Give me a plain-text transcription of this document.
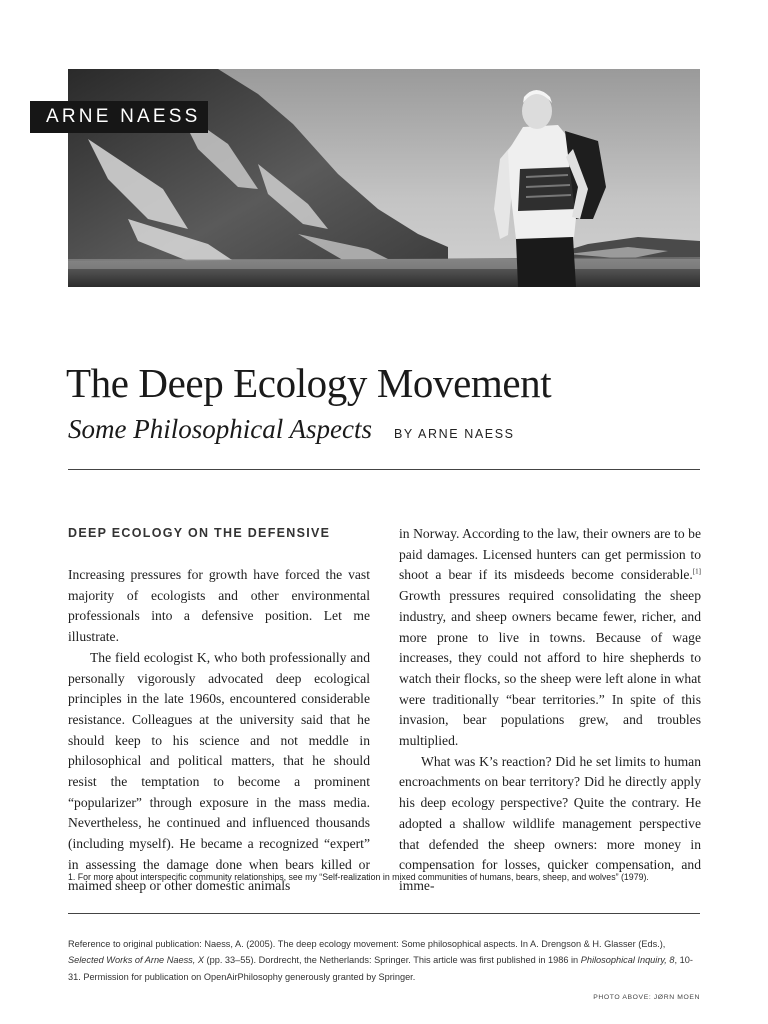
ARNE NAESS
The Deep Ecology Movement
Some Philosophical Aspects BY ARNE NAESS
DEEP ECOLOGY ON THE DEFENSIVE

Increasing pressures for growth have forced the vast majority of ecologists and other environmental professionals into a defensive position. Let me illustrate.

The field ecologist K, who both professionally and personally vigorously advocated deep ecological principles in the late 1960s, encountered considerable resistance. Colleagues at the university said that he should keep to his science and not meddle in philosophical and political matters, that he should resist the temptation to become a prominent “popularizer” through exposure in the mass media. Nevertheless, he continued and influenced thousands (including myself). He became a recognized “expert” in assessing the damage done when bears killed or maimed sheep or other domestic animals

in Norway. According to the law, their owners are to be paid damages. Licensed hunters can get permission to shoot a bear if its misdeeds become considerable.[1] Growth pressures required consolidating the sheep industry, and sheep owners became fewer, richer, and more prone to live in towns. Because of wage increases, they could not afford to hire shepherds to watch their flocks, so the sheep were left alone in what were traditionally “bear territories.” In spite of this invasion, bear populations grew, and troubles multiplied.

What was K’s reaction? Did he set limits to human encroachments on bear territory? Did he directly apply his deep ecology perspective? Quite the contrary. He adopted a shallow wildlife management perspective that defended the sheep owners: more money in compensation for losses, quicker compensation, and imme-

1. For more about interspecific community relationships, see my “Self-realization in mixed communities of humans, bears, sheep, and wolves” (1979).

Reference to original publication: Naess, A. (2005). The deep ecology movement: Some philosophical aspects. In A. Drengson & H. Glasser (Eds.), Selected Works of Arne Naess, X (pp. 33–55). Dordrecht, the Netherlands: Springer. This article was first published in 1986 in Philosophical Inquiry, 8, 10-31. Permission for publication on OpenAirPhilosophy generously granted by Springer.

PHOTO ABOVE: JØRN MOEN
